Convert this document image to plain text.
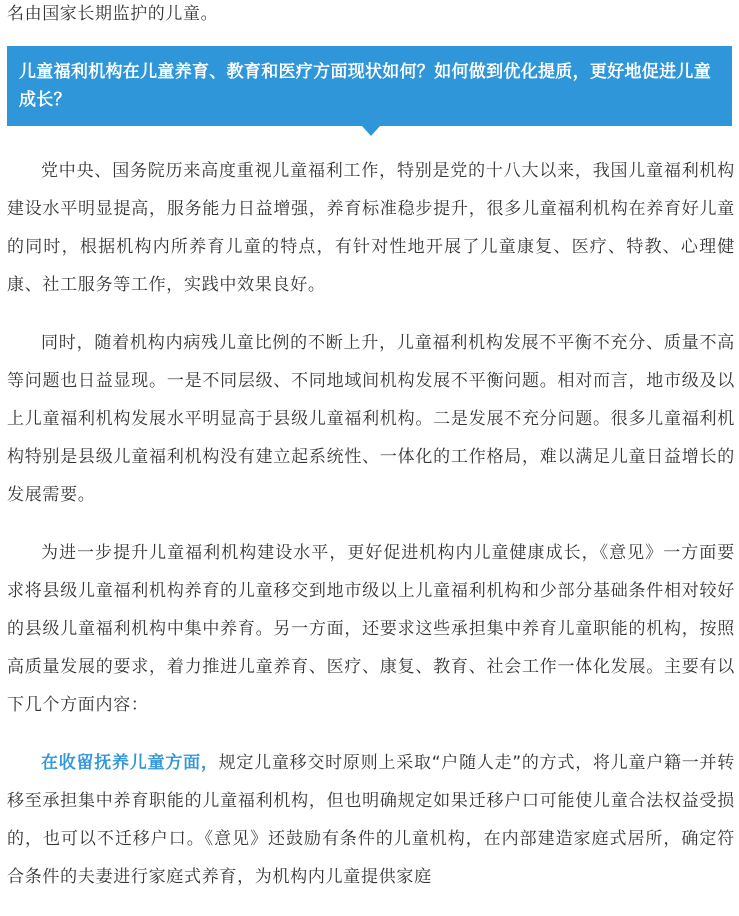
名由国家长期监护的儿童。
儿童福利机构在儿童养育、教育和医疗方面现状如何？如何做到优化提质，更好地促进儿童成长？

党中央、国务院历来高度重视儿童福利工作，特别是党的十八大以来，我国儿童福利机构建设水平明显提高，服务能力日益增强，养育标准稳步提升，很多儿童福利机构在养育好儿童的同时，根据机构内所养育儿童的特点，有针对性地开展了儿童康复、医疗、特教、心理健康、社工服务等工作，实践中效果良好。

同时，随着机构内病残儿童比例的不断上升，儿童福利机构发展不平衡不充分、质量不高等问题也日益显现。一是不同层级、不同地域间机构发展不平衡问题。相对而言，地市级及以上儿童福利机构发展水平明显高于县级儿童福利机构。二是发展不充分问题。很多儿童福利机构特别是县级儿童福利机构没有建立起系统性、一体化的工作格局，难以满足儿童日益增长的发展需要。

为进一步提升儿童福利机构建设水平，更好促进机构内儿童健康成长，《意见》一方面要求将县级儿童福利机构养育的儿童移交到地市级以上儿童福利机构和少部分基础条件相对较好的县级儿童福利机构中集中养育。另一方面，还要求这些承担集中养育儿童职能的机构，按照高质量发展的要求，着力推进儿童养育、医疗、康复、教育、社会工作一体化发展。主要有以下几个方面内容：

在收留抚养儿童方面，规定儿童移交时原则上采取“户随人走”的方式，将儿童户籍一并转移至承担集中养育职能的儿童福利机构，但也明确规定如果迁移户口可能使儿童合法权益受损的，也可以不迁移户口。《意见》还鼓励有条件的儿童机构，在内部建造家庭式居所，确定符合条件的夫妻进行家庭式养育，为机构内儿童提供家庭
